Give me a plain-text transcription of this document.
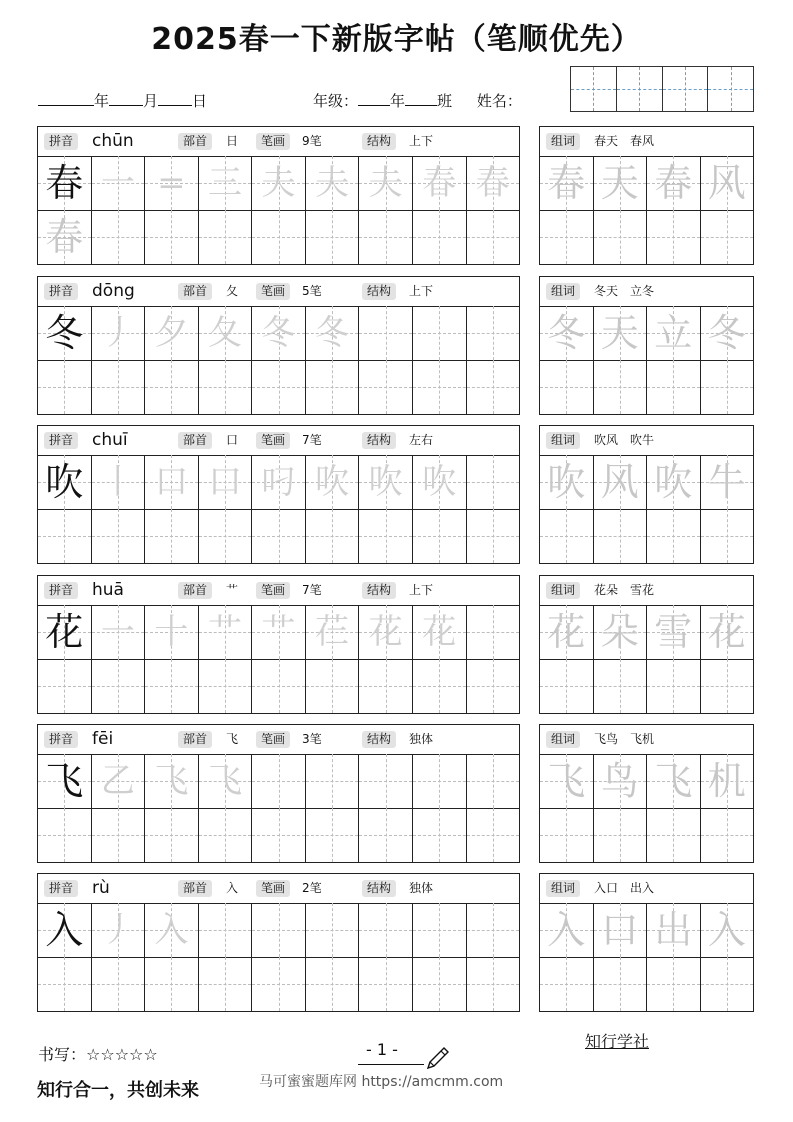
2025春一下新版字帖（笔顺优先）
年 月 日	年级： 年 班 姓名：
拼音 chūn	部首	日	笔画	9笔	结构	上下
春 一 = 三 夫 夫 夫 春 春
春
组词	春天　春风
春 天 春 风
拼音 dōng	部首	夂	笔画	5笔	结构	上下
冬 丿 夕 夂 冬 冬
组词	冬天　立冬
冬 天 立 冬
拼音 chuī	部首	口	笔画	7笔	结构	左右
吹 丨 口 口 叼 吹 吹 吹
组词	吹风　吹牛
吹 风 吹 牛
拼音 huā	部首	艹	笔画	7笔	结构	上下
花 一 十 艹 艹 芢 花 花
组词	花朵　雪花
花 朵 雪 花
拼音 fēi	部首	飞	笔画	3笔	结构	独体
飞 乙 飞 飞
组词	飞鸟　飞机
飞 鸟 飞 机
拼音 rù	部首	入	笔画	2笔	结构	独体
入 丿 入
组词	入口　出入
入 口 出 入
书写：☆☆☆☆☆	- 1 -	知行学社
知行合一，共创未来	马可蜜蜜题库网 https://amcmm.com
